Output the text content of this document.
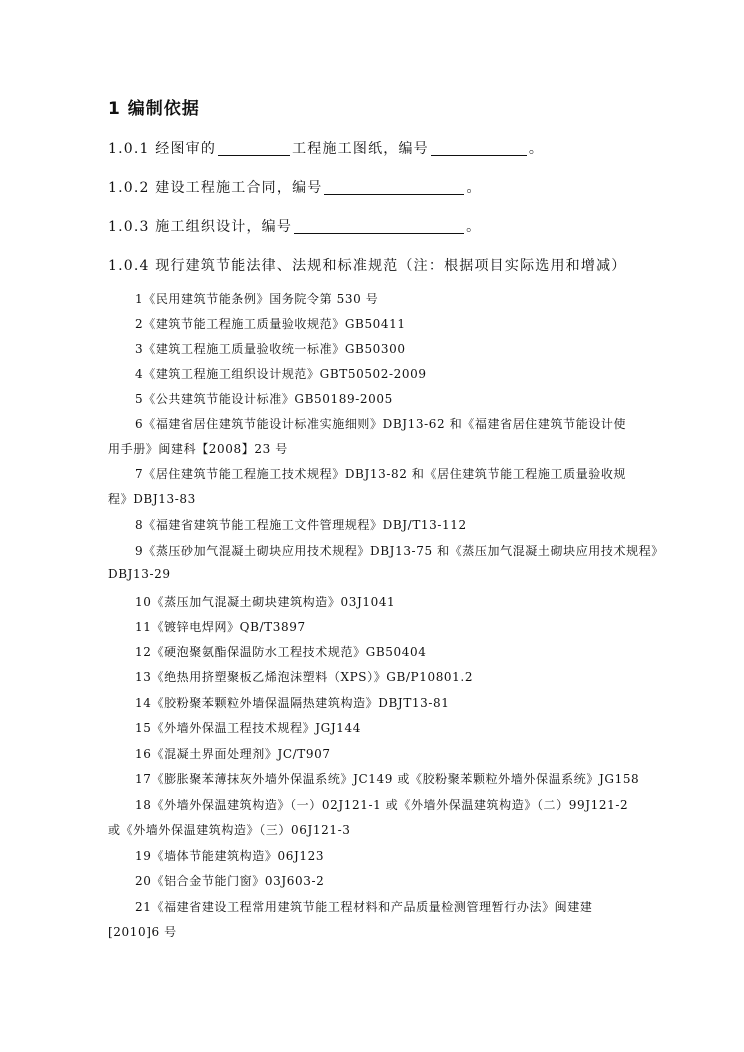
1 编制依据
1.0.1 经图审的	工程施工图纸，编号	。
1.0.2 建设工程施工合同，编号	。
1.0.3 施工组织设计，编号	。
1.0.4 现行建筑节能法律、法规和标准规范（注：根据项目实际选用和增减）
1《民用建筑节能条例》国务院令第 530 号
2《建筑节能工程施工质量验收规范》GB50411
3《建筑工程施工质量验收统一标准》GB50300
4《建筑工程施工组织设计规范》GBT50502-2009
5《公共建筑节能设计标准》GB50189-2005
6《福建省居住建筑节能设计标准实施细则》DBJ13-62 和《福建省居住建筑节能设计使
用手册》闽建科【2008】23 号
7《居住建筑节能工程施工技术规程》DBJ13-82 和《居住建筑节能工程施工质量验收规
程》DBJ13-83
8《福建省建筑节能工程施工文件管理规程》DBJ/T13-112
9《蒸压砂加气混凝土砌块应用技术规程》DBJ13-75 和《蒸压加气混凝土砌块应用技术规程》
DBJ13-29
10《蒸压加气混凝土砌块建筑构造》03J1041
11《镀锌电焊网》QB/T3897
12《硬泡聚氨酯保温防水工程技术规范》GB50404
13《绝热用挤塑聚板乙烯泡沫塑料（XPS）》GB/P10801.2
14《胶粉聚苯颗粒外墙保温隔热建筑构造》DBJT13-81
15《外墙外保温工程技术规程》JGJ144
16《混凝土界面处理剂》JC/T907
17《膨胀聚苯薄抹灰外墙外保温系统》JC149 或《胶粉聚苯颗粒外墙外保温系统》JG158
18《外墙外保温建筑构造》（一）02J121-1 或《外墙外保温建筑构造》（二）99J121-2
或《外墙外保温建筑构造》（三）06J121-3
19《墙体节能建筑构造》06J123
20《铝合金节能门窗》03J603-2
21《福建省建设工程常用建筑节能工程材料和产品质量检测管理暂行办法》闽建建
[2010]6 号
